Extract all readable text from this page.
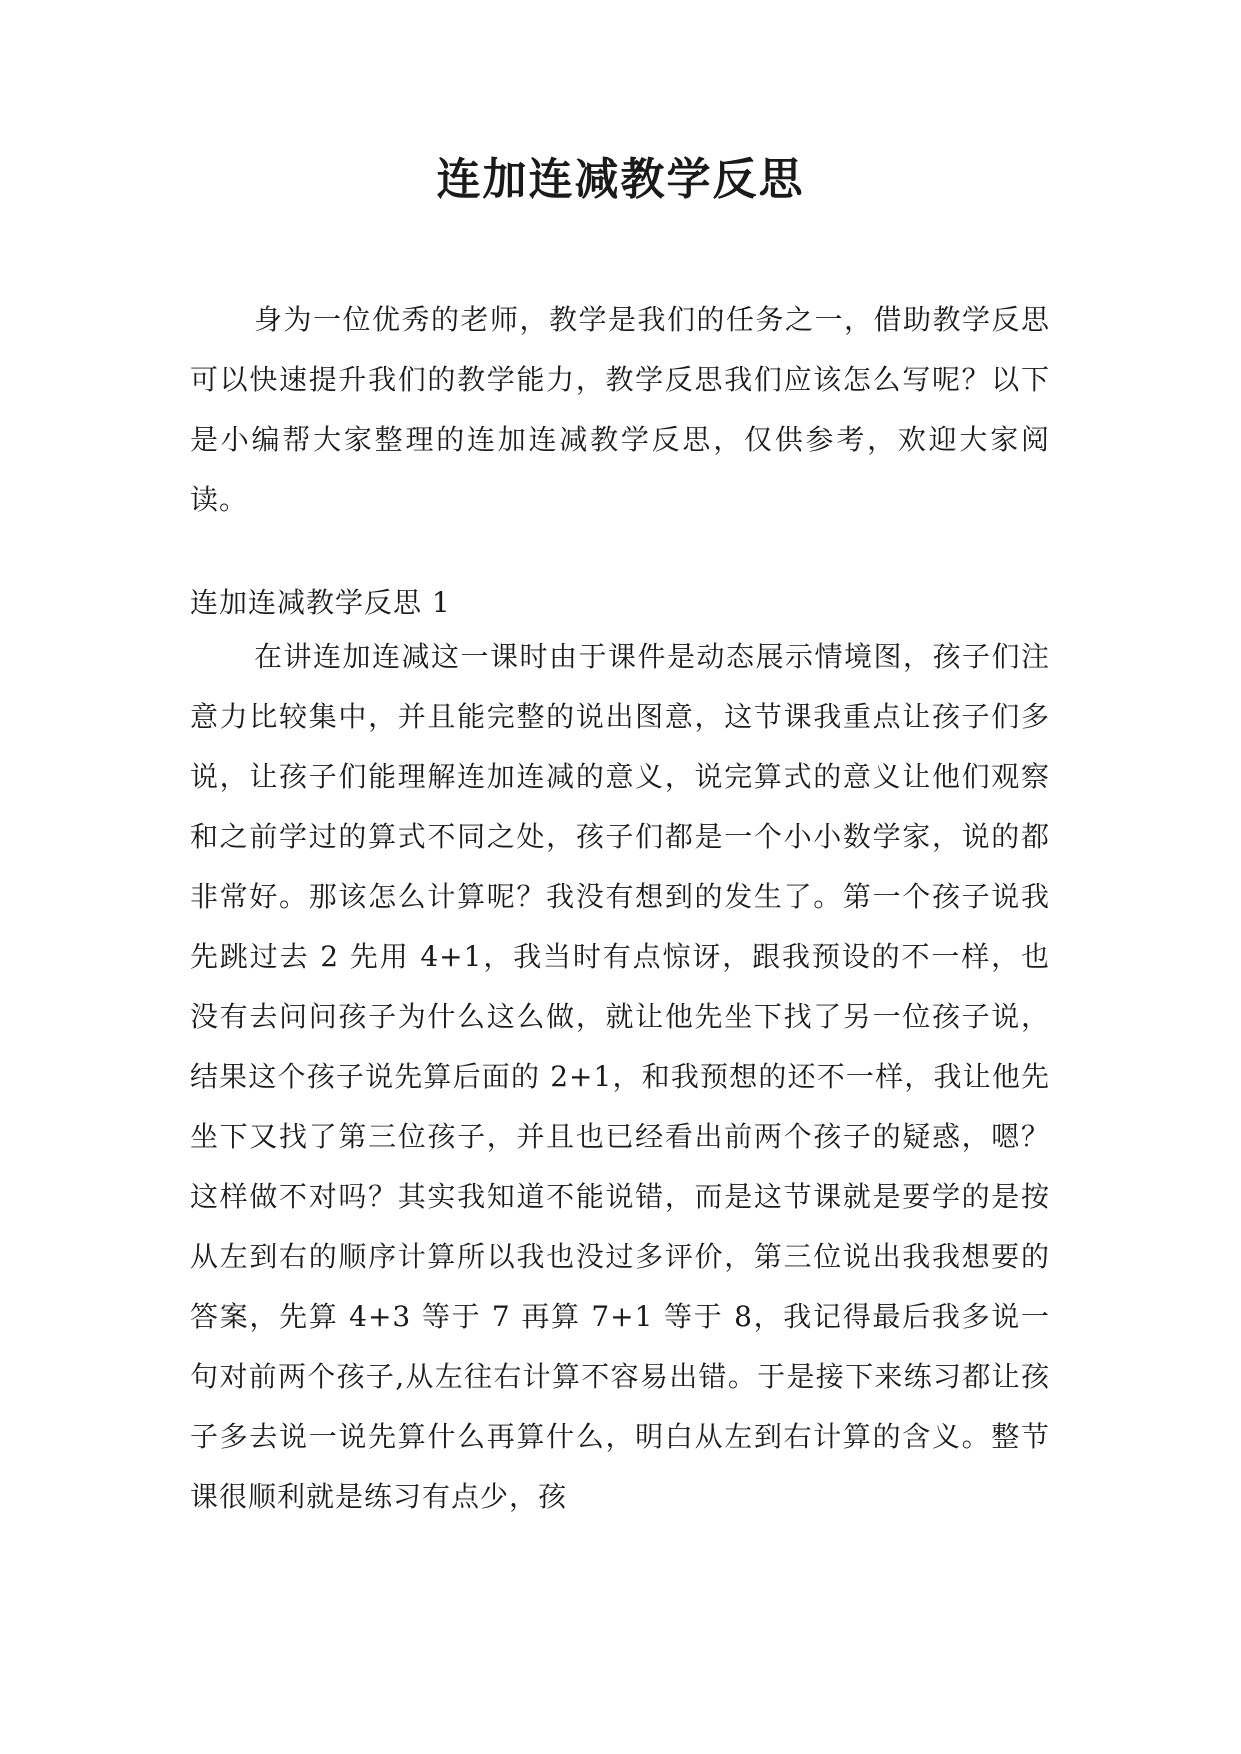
连加连减教学反思

身为一位优秀的老师，教学是我们的任务之一，借助教学反思可以快速提升我们的教学能力，教学反思我们应该怎么写呢？以下是小编帮大家整理的连加连减教学反思，仅供参考，欢迎大家阅读。

连加连减教学反思 1

在讲连加连减这一课时由于课件是动态展示情境图，孩子们注意力比较集中，并且能完整的说出图意，这节课我重点让孩子们多说，让孩子们能理解连加连减的意义，说完算式的意义让他们观察和之前学过的算式不同之处，孩子们都是一个小小数学家，说的都非常好。那该怎么计算呢？我没有想到的发生了。第一个孩子说我先跳过去 2 先用 4+1，我当时有点惊讶，跟我预设的不一样，也没有去问问孩子为什么这么做，就让他先坐下找了另一位孩子说，结果这个孩子说先算后面的 2+1，和我预想的还不一样，我让他先坐下又找了第三位孩子，并且也已经看出前两个孩子的疑惑，嗯？这样做不对吗？其实我知道不能说错，而是这节课就是要学的是按从左到右的顺序计算所以我也没过多评价，第三位说出我我想要的答案，先算 4+3 等于 7 再算 7+1 等于 8，我记得最后我多说一句对前两个孩子,从左往右计算不容易出错。于是接下来练习都让孩子多去说一说先算什么再算什么，明白从左到右计算的含义。整节课很顺利就是练习有点少，孩
